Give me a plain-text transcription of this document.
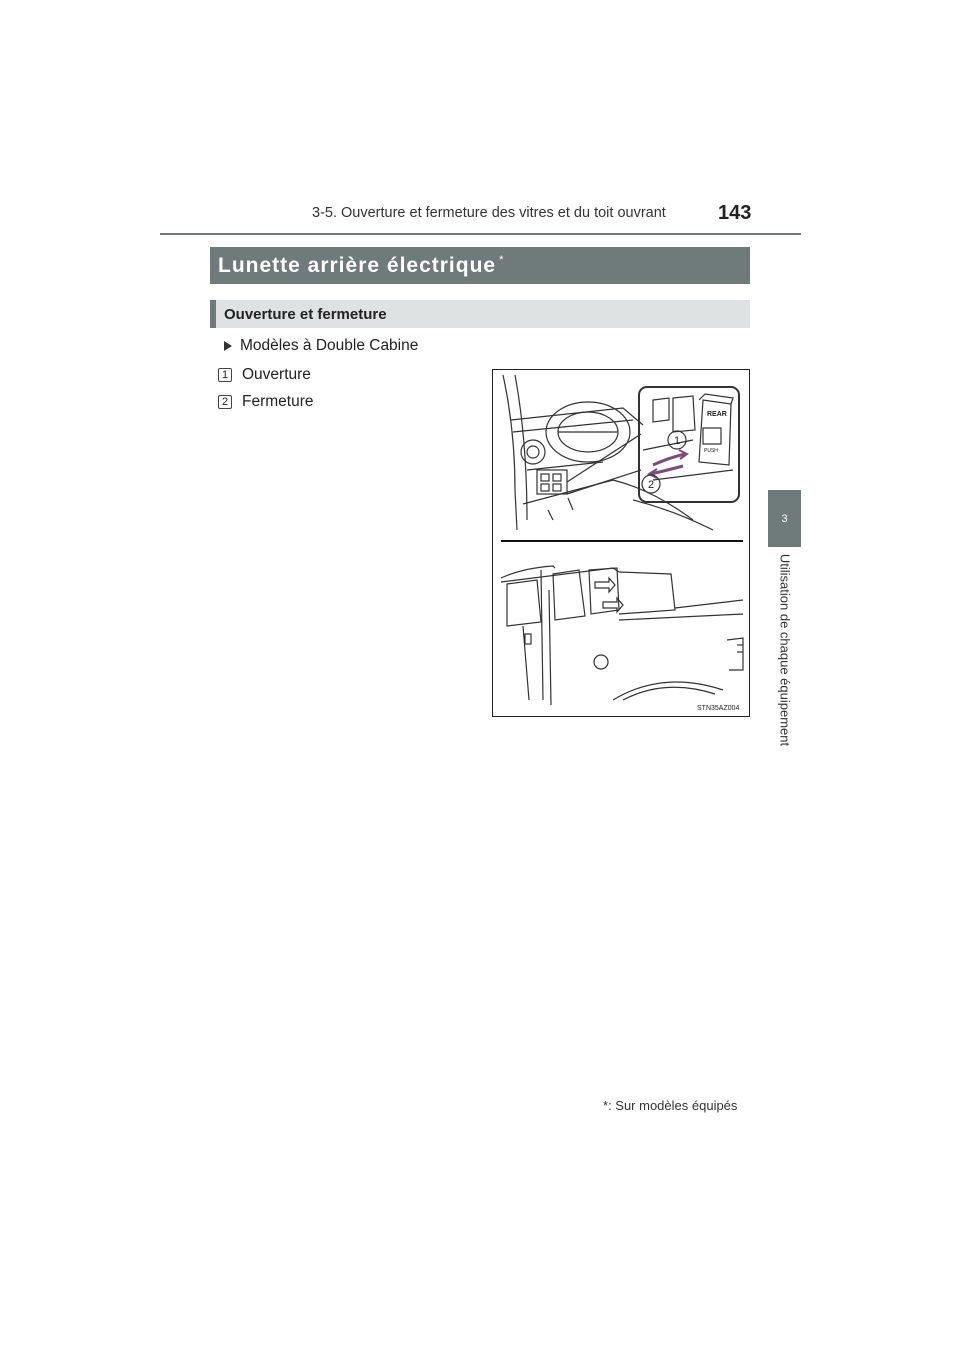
3-5. Ouverture et fermeture des vitres et du toit ouvrant	143
3
Utilisation de chaque équipement
Lunette arrière électrique *
Ouverture et fermeture
Modèles à Double Cabine
1 Ouverture
2 Fermeture
REAR
PUSH
1
2
STN35AZ004
*: Sur modèles équipés
